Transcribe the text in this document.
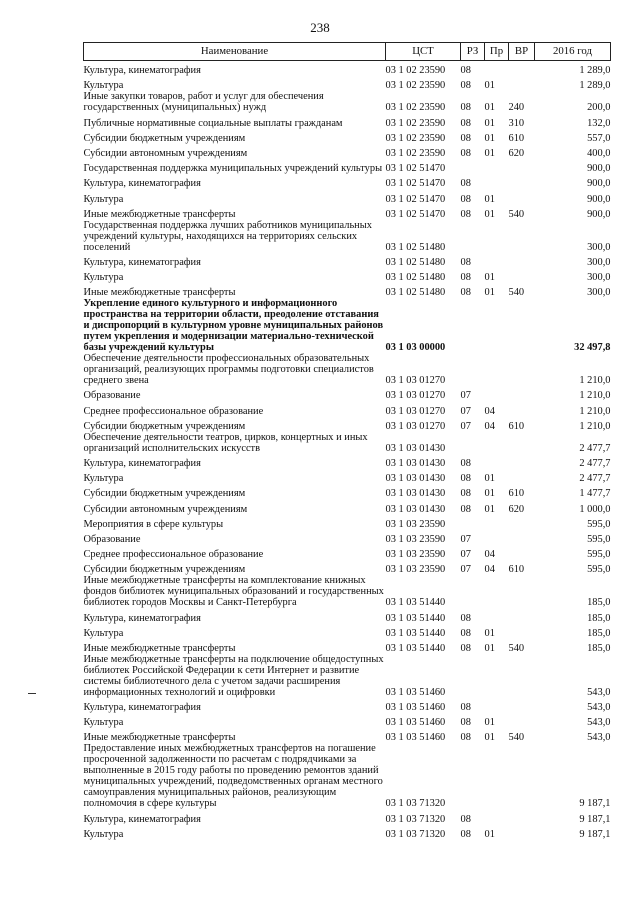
238
Наименование	ЦСТ	РЗ	Пр	ВР	2016 год
Культура, кинематография	03 1 02 23590	08			1 289,0
Культура	03 1 02 23590	08	01		1 289,0
Иные закупки товаров, работ и услуг для обеспечения государственных (муниципальных) нужд	03 1 02 23590	08	01	240	200,0
Публичные нормативные социальные выплаты гражданам	03 1 02 23590	08	01	310	132,0
Субсидии бюджетным учреждениям	03 1 02 23590	08	01	610	557,0
Субсидии автономным учреждениям	03 1 02 23590	08	01	620	400,0
Государственная поддержка муниципальных учреждений культуры	03 1 02 51470				900,0
Культура, кинематография	03 1 02 51470	08			900,0
Культура	03 1 02 51470	08	01		900,0
Иные межбюджетные трансферты	03 1 02 51470	08	01	540	900,0
Государственная поддержка лучших работников муниципальных учреждений культуры, находящихся на территориях сельских поселений	03 1 02 51480				300,0
Культура, кинематография	03 1 02 51480	08			300,0
Культура	03 1 02 51480	08	01		300,0
Иные межбюджетные трансферты	03 1 02 51480	08	01	540	300,0
Укрепление единого культурного и информационного пространства на территории области, преодоление отставания и диспропорций в культурном уровне муниципальных районов путем укрепления и модернизации материально-технической базы учреждений культуры	03 1 03 00000				32 497,8
Обеспечение деятельности профессиональных образовательных организаций, реализующих программы подготовки специалистов среднего звена	03 1 03 01270				1 210,0
Образование	03 1 03 01270	07			1 210,0
Среднее профессиональное образование	03 1 03 01270	07	04		1 210,0
Субсидии бюджетным учреждениям	03 1 03 01270	07	04	610	1 210,0
Обеспечение деятельности театров, цирков, концертных и иных организаций исполнительских искусств	03 1 03 01430				2 477,7
Культура, кинематография	03 1 03 01430	08			2 477,7
Культура	03 1 03 01430	08	01		2 477,7
Субсидии бюджетным учреждениям	03 1 03 01430	08	01	610	1 477,7
Субсидии автономным учреждениям	03 1 03 01430	08	01	620	1 000,0
Мероприятия в сфере культуры	03 1 03 23590				595,0
Образование	03 1 03 23590	07			595,0
Среднее профессиональное образование	03 1 03 23590	07	04		595,0
Субсидии бюджетным учреждениям	03 1 03 23590	07	04	610	595,0
Иные межбюджетные трансферты на комплектование книжных фондов библиотек муниципальных образований и государственных библиотек городов Москвы и Санкт-Петербурга	03 1 03 51440				185,0
Культура, кинематография	03 1 03 51440	08			185,0
Культура	03 1 03 51440	08	01		185,0
Иные межбюджетные трансферты	03 1 03 51440	08	01	540	185,0
Иные межбюджетные трансферты на подключение общедоступных библиотек Российской Федерации к сети Интернет и развитие системы библиотечного дела с учетом задачи расширения информационных технологий и оцифровки	03 1 03 51460				543,0
Культура, кинематография	03 1 03 51460	08			543,0
Культура	03 1 03 51460	08	01		543,0
Иные межбюджетные трансферты	03 1 03 51460	08	01	540	543,0
Предоставление иных межбюджетных трансфертов на погашение просроченной задолженности по расчетам с подрядчиками за выполненные в 2015 году работы по проведению ремонтов зданий муниципальных учреждений, подведомственных органам местного самоуправления муниципальных районов, реализующим полномочия в сфере культуры	03 1 03 71320				9 187,1
Культура, кинематография	03 1 03 71320	08			9 187,1
Культура	03 1 03 71320	08	01		9 187,1
